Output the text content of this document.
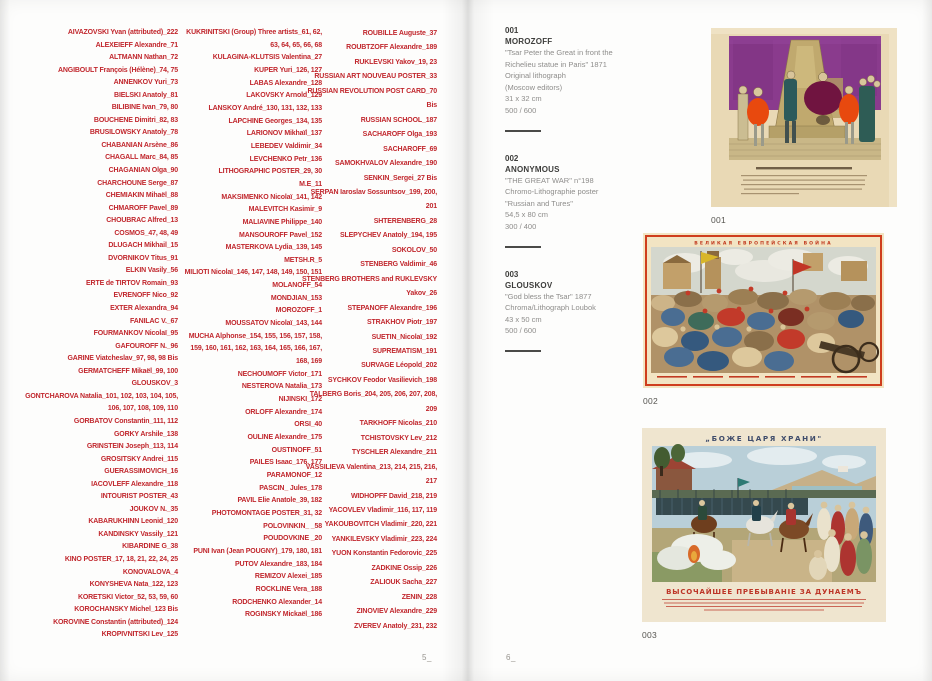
AIVAZOVSKI Yvan (attributed)_222
ALEXEIEFF Alexandre_71
ALTMANN Nathan_72
ANGIBOULT François (Hélène)_74, 75
ANNENKOV Yuri_73
BIELSKI Anatoly_81
BILIBINE Ivan_79, 80
BOUCHENE Dimitri_82, 83
BRUSILOWSKY Anatoly_78
CHABANIAN Arsène_86
CHAGALL Marc_84, 85
CHAGANIAN Olga_90
CHARCHOUNE Serge_87
CHEMIAKIN Mihaël_88
CHMAROFF Pavel_89
CHOUBRAC Alfred_13
COSMOS_47, 48, 49
DLUGACH Mikhail_15
DVORNIKOV Titus_91
ELKIN Vasily_56
ERTE de TIRTOV Romain_93
EVRENOFF Nico_92
EXTER Alexandra_94
FANILAC V._67
FOURMANKOV Nicolaï_95
GAFOUROFF N._96
GARINE Viatcheslav_97, 98, 98 Bis
GERMATCHEFF Mikaël_99, 100
GLOUSKOV_3
GONTCHAROVA Natalia_101, 102, 103, 104, 105, 106, 107, 108, 109, 110
GORBATOV Constantin_111, 112
GORKY Arshile_138
GRINSTEIN Joseph_113, 114
GROSITSKY Andrei_115
GUERASSIMOVICH_16
IACOVLEFF Alexandre_118
INTOURIST POSTER_43
JOUKOV N._35
KABARUKHINN Leonid_120
KANDINSKY Vassily_121
KIBARDINE G_38
KINO POSTER_17, 18, 21, 22, 24, 25
KONOVALOVA_4
KONYSHEVA Nata_122, 123
KORETSKI Victor_52, 53, 59, 60
KOROCHANSKY Michel_123 Bis
KOROVINE Constantin (attributed)_124
KROPIVNITSKI Lev_125
KUKRINITSKI (Group) Three artists_61, 62, 63, 64, 65, 66, 68
KULAGINA-KLUTSIS Valentina_27
KUPER Yuri_126, 127
LABAS Alexandre_128
LAKOVSKY Arnold_129
LANSKOY André_130, 131, 132, 133
LAPCHINE Georges_134, 135
LARIONOV Mikhaïl_137
LEBEDEV Valdimir_34
LEVCHENKO Petr_136
LITHOGRAPHIC POSTER_29, 30
M.E_11
MAKSIMENKO Nicolaï_141, 142
MALEVITCH Kasimir_9
MALIAVINE Philippe_140
MANSOUROFF Pavel_152
MASTERKOVA Lydia_139, 145
METSH.R_5
MILIOTI Nicolaï_146, 147, 148, 149, 150, 151
MOLANOFF_54
MONDJIAN_153
MOROZOFF_1
MOUSSATOV Nicolaï_143, 144
MUCHA Alphonse_154, 155, 156, 157, 158, 159, 160, 161, 162, 163, 164, 165, 166, 167, 168, 169
NECHOUMOFF Victor_171
NESTEROVA Natalia_173
NIJINSKI_172
ORLOFF Alexandre_174
ORSI_40
OULINE Alexandre_175
OUSTINOFF_51
PAILES Isaac_176, 177
PARAMONOF_12
PASCIN_ Jules_178
PAVIL Elie Anatole_39, 182
PHOTOMONTAGE POSTER_31, 32
POLOVINKIN_ _58
POUDOVKINE _20
PUNI Ivan (Jean POUGNY)_179, 180, 181
PUTOV Alexandre_183, 184
REMIZOV Alexei_185
ROCKLINE Vera_188
RODCHENKO Alexander_14
ROGINSKY Mickaël_186
ROUBILLE Auguste_37
ROUBTZOFF Alexandre_189
RUKLEVSKI Yakov_19, 23
RUSSIAN ART NOUVEAU POSTER_33
RUSSIAN REVOLUTION POST CARD_70 Bis
RUSSIAN SCHOOL_187
SACHAROFF Olga_193
SACHAROFF_69
SAMOKHVALOV Alexandre_190
SENKIN_Sergei_27 Bis
SERPAN Iaroslav Sossuntsov_199, 200, 201
SHTERENBERG_28
SLEPYCHEV Anatoly_194, 195
SOKOLOV_50
STENBERG Valdimir_46
STENBERG BROTHERS and RUKLEVSKY Yakov_26
STEPANOFF Alexandre_196
STRAKHOV Piotr_197
SUETIN_Nicolaï_192
SUPREMATISM_191
SURVAGE Léopold_202
SYCHKOV Feodor Vasilievich_198
TALBERG Boris_204, 205, 206, 207, 208, 209
TARKHOFF Nicolas_210
TCHISTOVSKY Lev_212
TYSCHLER Alexandre_211
VASSILIEVA Valentina_213, 214, 215, 216, 217
WIDHOPFF David_218, 219
YACOVLEV Vladimir_116, 117, 119
YAKOUBOVITCH Vladimir_220, 221
YANKILEVSKY Vladimir_223, 224
YUON Konstantin Fedorovic_225
ZADKINE Ossip_226
ZALIOUK Sacha_227
ZENIN_228
ZINOVIEV Alexandre_229
ZVEREV Anatoly_231, 232
5_
001
MOROZOFF
"Tsar Peter the Great in front the
Richelieu statue in Paris" 1871
Original lithograph
(Moscow editors)
31 x 32 cm
500 / 600
002
ANONYMOUS
"THE GREAT WAR" n°198
Chromo-Lithographie poster
"Russian and Tures"
54,5 x 80 cm
300 / 400
003
GLOUSKOV
"God bless the Tsar" 1877
Chroma/Lithograph Loubok
43 x 50 cm
500 / 600
001
ВЕЛИКАЯ ЕВРОПЕЙСКАЯ ВОЙНА
002
„БОЖЕ ЦАРЯ ХРАНИ"
ВЫСОЧАЙШЕЕ ПРЕБЫВАНІЕ ЗА ДУНАЕМЪ
003
6_
